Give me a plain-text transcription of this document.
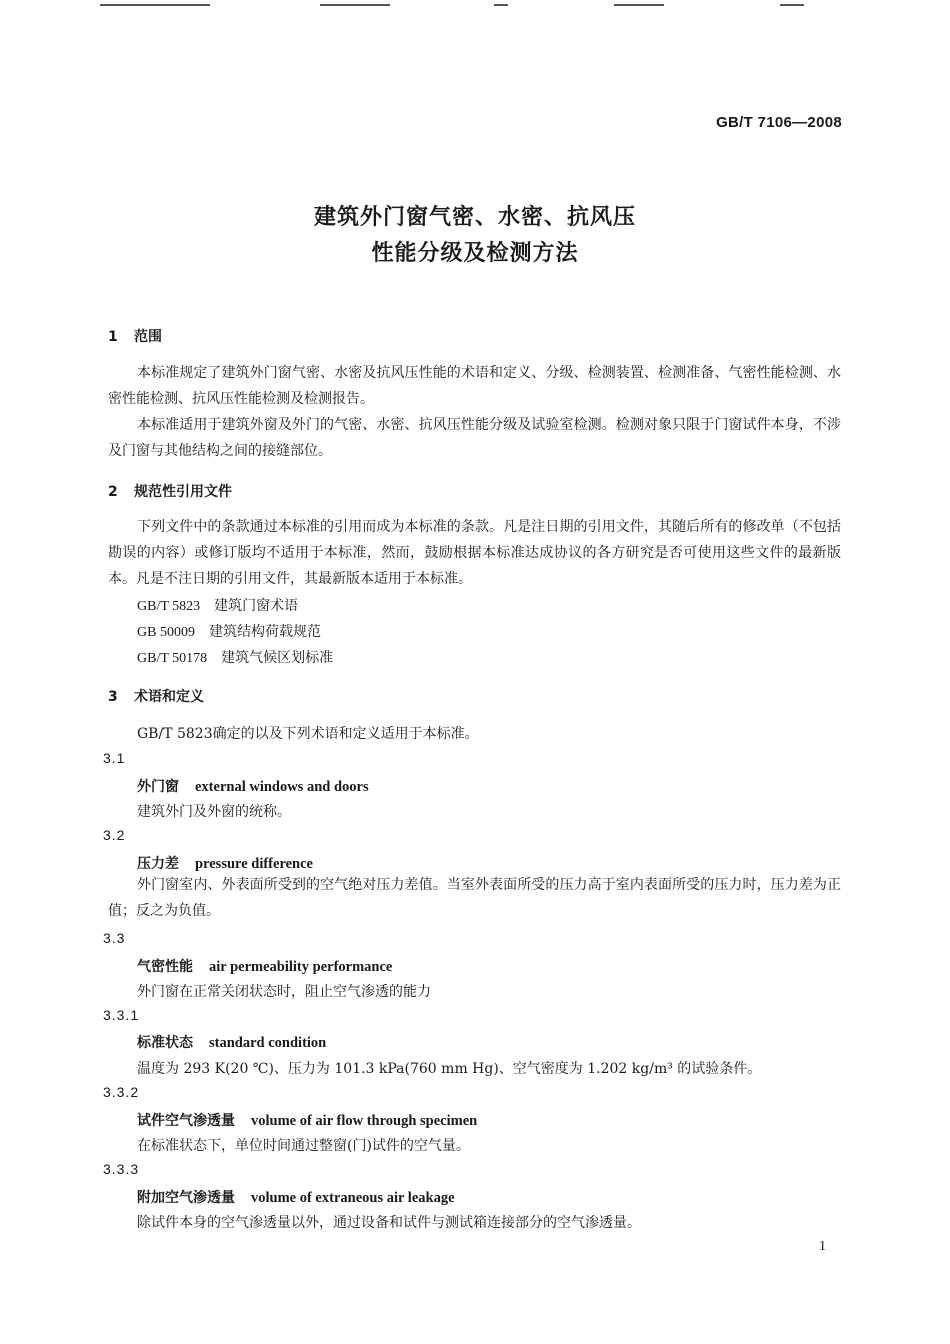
GB/T 7106—2008
建筑外门窗气密、水密、抗风压
性能分级及检测方法
1 范围
本标准规定了建筑外门窗气密、水密及抗风压性能的术语和定义、分级、检测装置、检测准备、气密性能检测、水密性能检测、抗风压性能检测及检测报告。
本标准适用于建筑外窗及外门的气密、水密、抗风压性能分级及试验室检测。检测对象只限于门窗试件本身，不涉及门窗与其他结构之间的接缝部位。
2 规范性引用文件
下列文件中的条款通过本标准的引用而成为本标准的条款。凡是注日期的引用文件，其随后所有的修改单（不包括勘误的内容）或修订版均不适用于本标准，然而，鼓励根据本标准达成协议的各方研究是否可使用这些文件的最新版本。凡是不注日期的引用文件，其最新版本适用于本标准。
GB/T 5823 建筑门窗术语
GB 50009 建筑结构荷载规范
GB/T 50178 建筑气候区划标准
3 术语和定义
GB/T 5823确定的以及下列术语和定义适用于本标准。
3.1
外门窗 external windows and doors
建筑外门及外窗的统称。
3.2
压力差 pressure difference
外门窗室内、外表面所受到的空气绝对压力差值。当室外表面所受的压力高于室内表面所受的压力时，压力差为正值；反之为负值。
3.3
气密性能 air permeability performance
外门窗在正常关闭状态时，阻止空气渗透的能力
3.3.1
标准状态 standard condition
温度为 293 K(20 ℃)、压力为 101.3 kPa(760 mm Hg)、空气密度为 1.202 kg/m³ 的试验条件。
3.3.2
试件空气渗透量 volume of air flow through specimen
在标准状态下，单位时间通过整窗(门)试件的空气量。
3.3.3
附加空气渗透量 volume of extraneous air leakage
除试件本身的空气渗透量以外，通过设备和试件与测试箱连接部分的空气渗透量。
1
